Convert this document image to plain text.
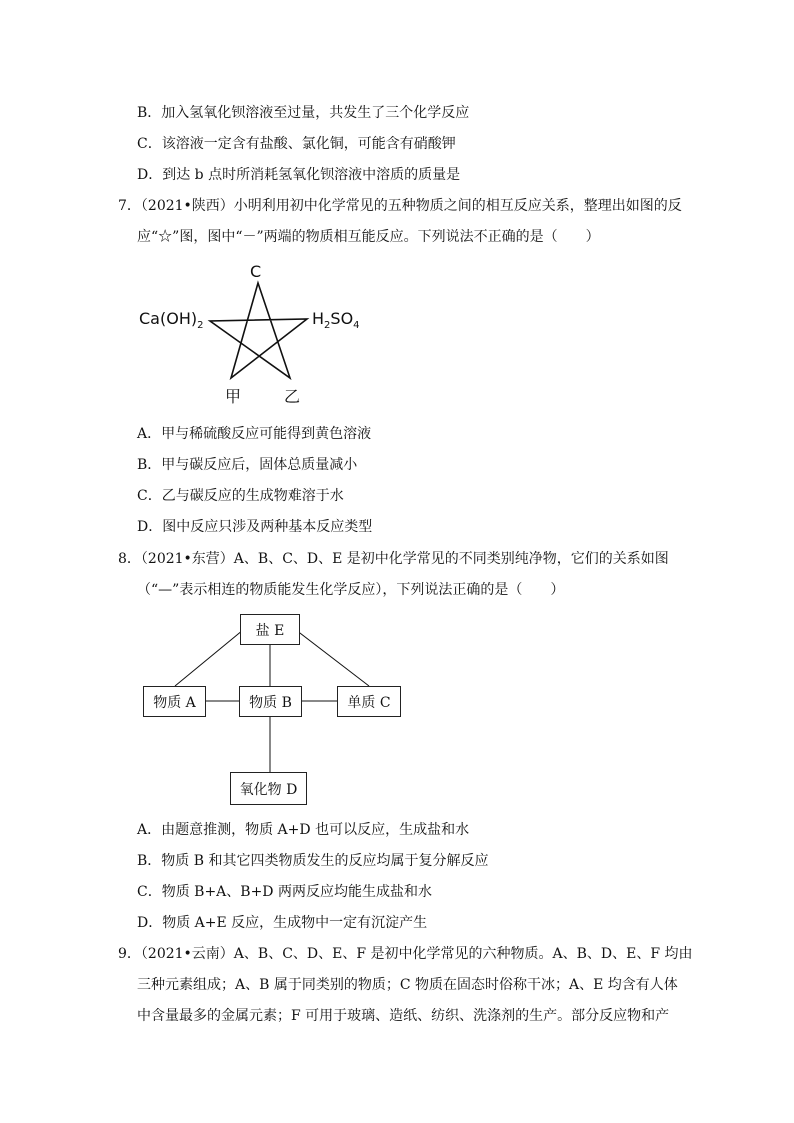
B．加入氢氧化钡溶液至过量，共发生了三个化学反应
C．该溶液一定含有盐酸、氯化铜，可能含有硝酸钾
D．到达 b 点时所消耗氢氧化钡溶液中溶质的质量是
7．（2021•陕西）小明利用初中化学常见的五种物质之间的相互反应关系，整理出如图的反
应“☆”图，图中“－”两端的物质相互能反应。下列说法不正确的是（　　）
C
$Ca(OH)_2$	$H_2SO_4$
甲	乙
A．甲与稀硫酸反应可能得到黄色溶液
B．甲与碳反应后，固体总质量减小
C．乙与碳反应的生成物难溶于水
D．图中反应只涉及两种基本反应类型
8．（2021•东营）A、B、C、D、E 是初中化学常见的不同类别纯净物，它们的关系如图
（“—”表示相连的物质能发生化学反应），下列说法正确的是（　　）
盐 E
物质 A	物质 B	单质 C
氧化物 D
A．由题意推测，物质 A+D 也可以反应，生成盐和水
B．物质 B 和其它四类物质发生的反应均属于复分解反应
C．物质 B+A、B+D 两两反应均能生成盐和水
D．物质 A+E 反应，生成物中一定有沉淀产生
9．（2021•云南）A、B、C、D、E、F 是初中化学常见的六种物质。A、B、D、E、F 均由
三种元素组成；A、B 属于同类别的物质；C 物质在固态时俗称干冰；A、E 均含有人体
中含量最多的金属元素；F 可用于玻璃、造纸、纺织、洗涤剂的生产。部分反应物和产
